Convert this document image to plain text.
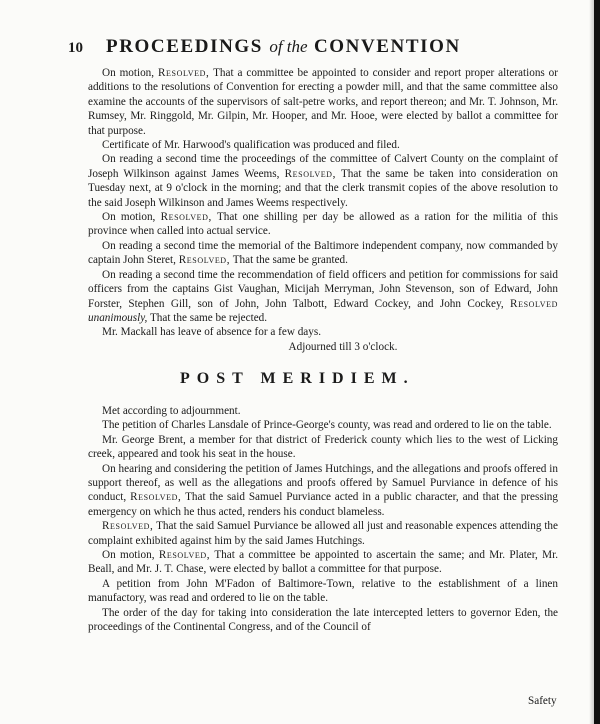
10 PROCEEDINGS of the CONVENTION

On motion, Resolved, That a committee be appointed to consider and report proper alterations or additions to the resolutions of Convention for erecting a powder mill, and that the same committee also examine the accounts of the supervisors of salt-petre works, and report thereon; and Mr. T. Johnson, Mr. Rumsey, Mr. Ringgold, Mr. Gilpin, Mr. Hooper, and Mr. Hooe, were elected by ballot a committee for that purpose.

Certificate of Mr. Harwood's qualification was produced and filed.

On reading a second time the proceedings of the committee of Calvert County on the complaint of Joseph Wilkinson against James Weems, Resolved, That the same be taken into consideration on Tuesday next, at 9 o'clock in the morning; and that the clerk transmit copies of the above resolution to the said Joseph Wilkinson and James Weems respectively.

On motion, Resolved, That one shilling per day be allowed as a ration for the militia of this province when called into actual service.

On reading a second time the memorial of the Baltimore independent company, now commanded by captain John Steret, Resolved, That the same be granted.

On reading a second time the recommendation of field officers and petition for commissions for said officers from the captains Gist Vaughan, Micijah Merryman, John Stevenson, son of Edward, John Forster, Stephen Gill, son of John, John Talbott, Edward Cockey, and John Cockey, Resolved unanimously, That the same be rejected.

Mr. Mackall has leave of absence for a few days.

Adjourned till 3 o'clock.

POST MERIDIEM.

Met according to adjournment.

The petition of Charles Lansdale of Prince-George's county, was read and ordered to lie on the table.

Mr. George Brent, a member for that district of Frederick county which lies to the west of Licking creek, appeared and took his seat in the house.

On hearing and considering the petition of James Hutchings, and the allegations and proofs offered in support thereof, as well as the allegations and proofs offered by Samuel Purviance in defence of his conduct, Resolved, That the said Samuel Purviance acted in a public character, and that the pressing emergency on which he thus acted, renders his conduct blameless.

Resolved, That the said Samuel Purviance be allowed all just and reasonable expences attending the complaint exhibited against him by the said James Hutchings.

On motion, Resolved, That a committee be appointed to ascertain the same; and Mr. Plater, Mr. Beall, and Mr. J. T. Chase, were elected by ballot a committee for that purpose.

A petition from John M'Fadon of Baltimore-Town, relative to the establishment of a linen manufactory, was read and ordered to lie on the table.

The order of the day for taking into consideration the late intercepted letters to governor Eden, the proceedings of the Continental Congress, and of the Council of

Safety
